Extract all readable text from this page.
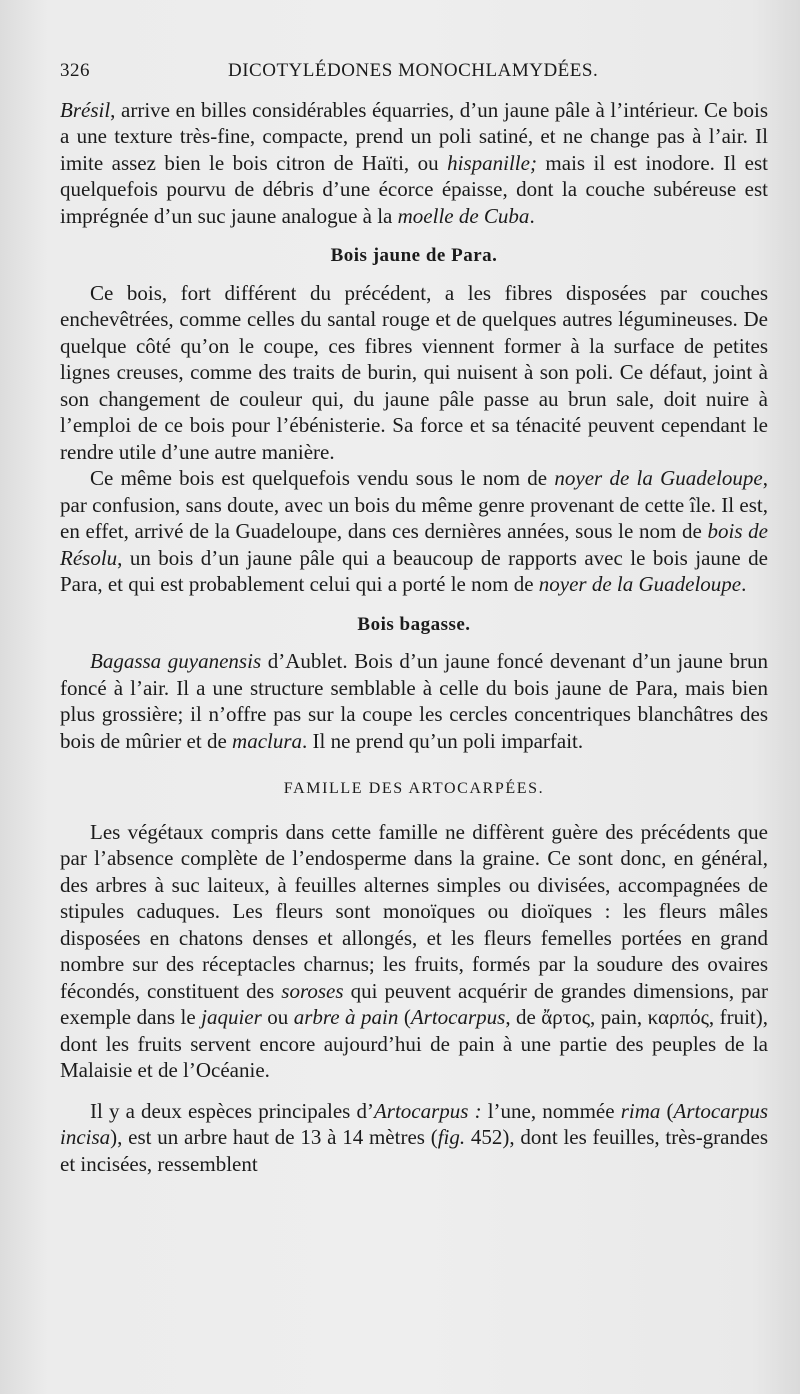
326	DICOTYLÉDONES MONOCHLAMYDÉES.

Brésil, arrive en billes considérables équarries, d’un jaune pâle à l’intérieur. Ce bois a une texture très-fine, compacte, prend un poli satiné, et ne change pas à l’air. Il imite assez bien le bois citron de Haïti, ou hispanille; mais il est inodore. Il est quelquefois pourvu de débris d’une écorce épaisse, dont la couche subéreuse est imprégnée d’un suc jaune analogue à la moelle de Cuba.

Bois jaune de Para.

Ce bois, fort différent du précédent, a les fibres disposées par couches enchevêtrées, comme celles du santal rouge et de quelques autres légumineuses. De quelque côté qu’on le coupe, ces fibres viennent former à la surface de petites lignes creuses, comme des traits de burin, qui nuisent à son poli. Ce défaut, joint à son changement de couleur qui, du jaune pâle passe au brun sale, doit nuire à l’emploi de ce bois pour l’ébénisterie. Sa force et sa ténacité peuvent cependant le rendre utile d’une autre manière.

Ce même bois est quelquefois vendu sous le nom de noyer de la Guadeloupe, par confusion, sans doute, avec un bois du même genre provenant de cette île. Il est, en effet, arrivé de la Guadeloupe, dans ces dernières années, sous le nom de bois de Résolu, un bois d’un jaune pâle qui a beaucoup de rapports avec le bois jaune de Para, et qui est probablement celui qui a porté le nom de noyer de la Guadeloupe.

Bois bagasse.

Bagassa guyanensis d’Aublet. Bois d’un jaune foncé devenant d’un jaune brun foncé à l’air. Il a une structure semblable à celle du bois jaune de Para, mais bien plus grossière; il n’offre pas sur la coupe les cercles concentriques blanchâtres des bois de mûrier et de maclura. Il ne prend qu’un poli imparfait.

FAMILLE DES ARTOCARPÉES.

Les végétaux compris dans cette famille ne diffèrent guère des précédents que par l’absence complète de l’endosperme dans la graine. Ce sont donc, en général, des arbres à suc laiteux, à feuilles alternes simples ou divisées, accompagnées de stipules caduques. Les fleurs sont monoïques ou dioïques : les fleurs mâles disposées en chatons denses et allongés, et les fleurs femelles portées en grand nombre sur des réceptacles charnus; les fruits, formés par la soudure des ovaires fécondés, constituent des soroses qui peuvent acquérir de grandes dimensions, par exemple dans le jaquier ou arbre à pain (Artocarpus, de ἄρτος, pain, καρπός, fruit), dont les fruits servent encore aujourd’hui de pain à une partie des peuples de la Malaisie et de l’Océanie.

Il y a deux espèces principales d’Artocarpus : l’une, nommée rima (Artocarpus incisa), est un arbre haut de 13 à 14 mètres (fig. 452), dont les feuilles, très-grandes et incisées, ressemblent
